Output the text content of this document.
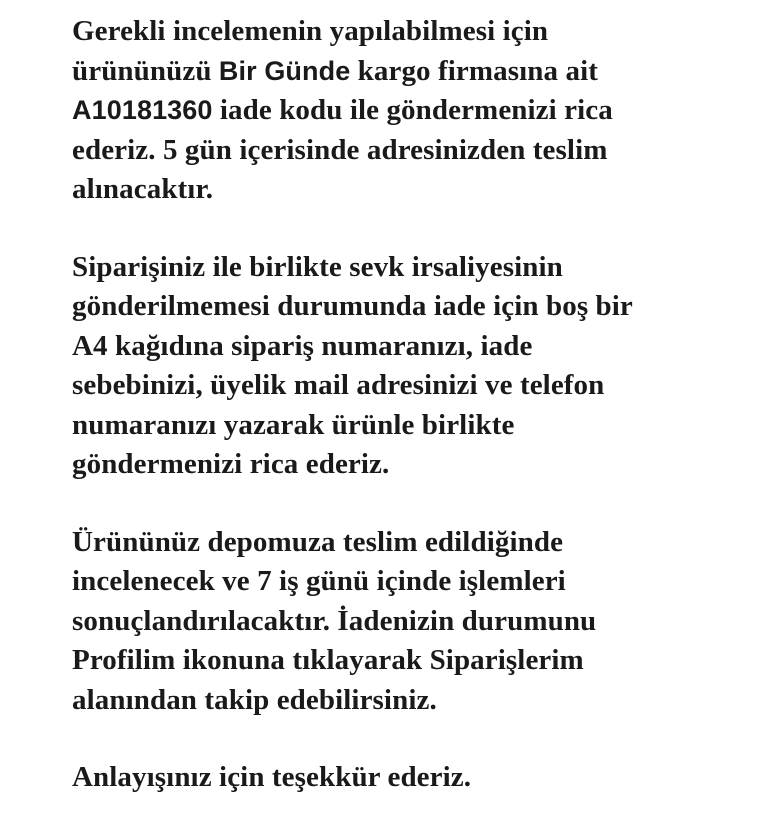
Gerekli incelemenin yapılabilmesi için
ürününüzü Bir Günde kargo firmasına ait
A10181360 iade kodu ile göndermenizi rica
ederiz. 5 gün içerisinde adresinizden teslim
alınacaktır.

Siparişiniz ile birlikte sevk irsaliyesinin
gönderilmemesi durumunda iade için boş bir
A4 kağıdına sipariş numaranızı, iade
sebebinizi, üyelik mail adresinizi ve telefon
numaranızı yazarak ürünle birlikte
göndermenizi rica ederiz.

Ürününüz depomuza teslim edildiğinde
incelenecek ve 7 iş günü içinde işlemleri
sonuçlandırılacaktır. İadenizin durumunu
Profilim ikonuna tıklayarak Siparişlerim
alanından takip edebilirsiniz.

Anlayışınız için teşekkür ederiz.
